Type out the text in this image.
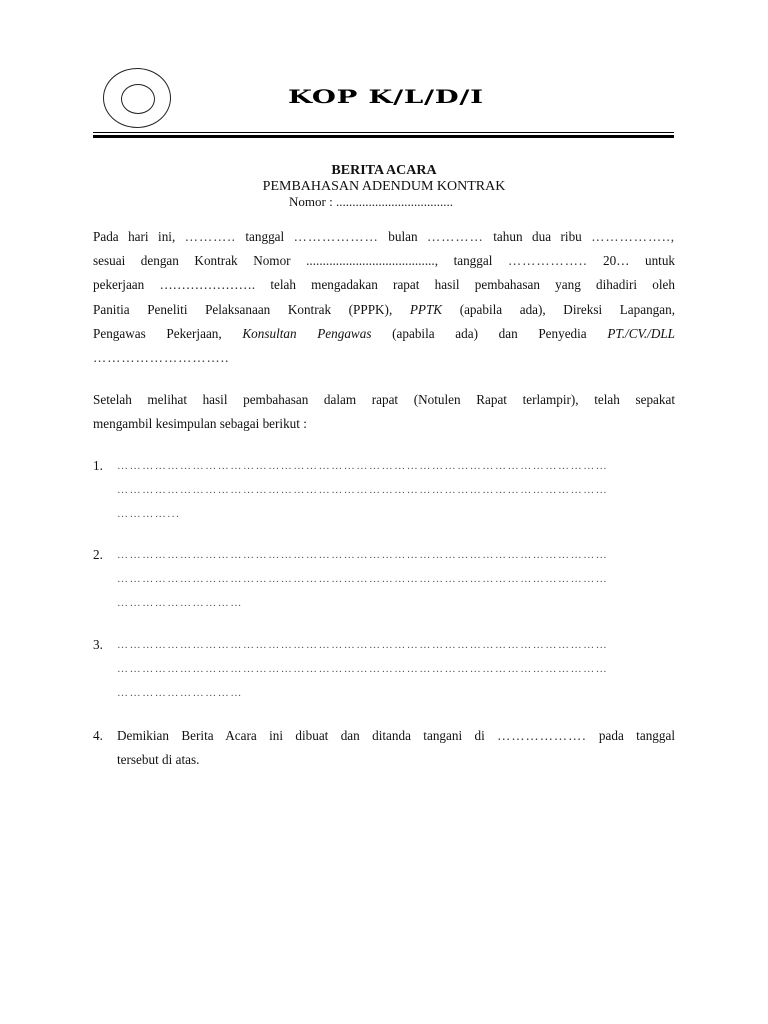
KOP K/L/D/I
BERITA ACARA
PEMBAHASAN ADENDUM KONTRAK
Nomor : ....................................
Pada hari ini, ……….. tanggal ……………… bulan ………… tahun dua ribu ……………..,
sesuai dengan Kontrak Nomor ......................................., tanggal …………….. 20… untuk
pekerjaan …………………. telah mengadakan rapat hasil pembahasan yang dihadiri oleh
Panitia Peneliti Pelaksanaan Kontrak (PPPK), PPTK (apabila ada), Direksi Lapangan,
Pengawas Pekerjaan, Konsultan Pengawas (apabila ada) dan Penyedia PT./CV./DLL
………………………..
Setelah melihat hasil pembahasan dalam rapat (Notulen Rapat terlampir), telah sepakat
mengambil kesimpulan sebagai berikut :
1. ………………………………………………………………………………………………………
………………………………………………………………………………………………………
…………...
2. ………………………………………………………………………………………………………
………………………………………………………………………………………………………
…………………………
3. ………………………………………………………………………………………………………
………………………………………………………………………………………………………
…………………………
4. Demikian Berita Acara ini dibuat dan ditanda tangani di ………………. pada tanggal
tersebut di atas.
